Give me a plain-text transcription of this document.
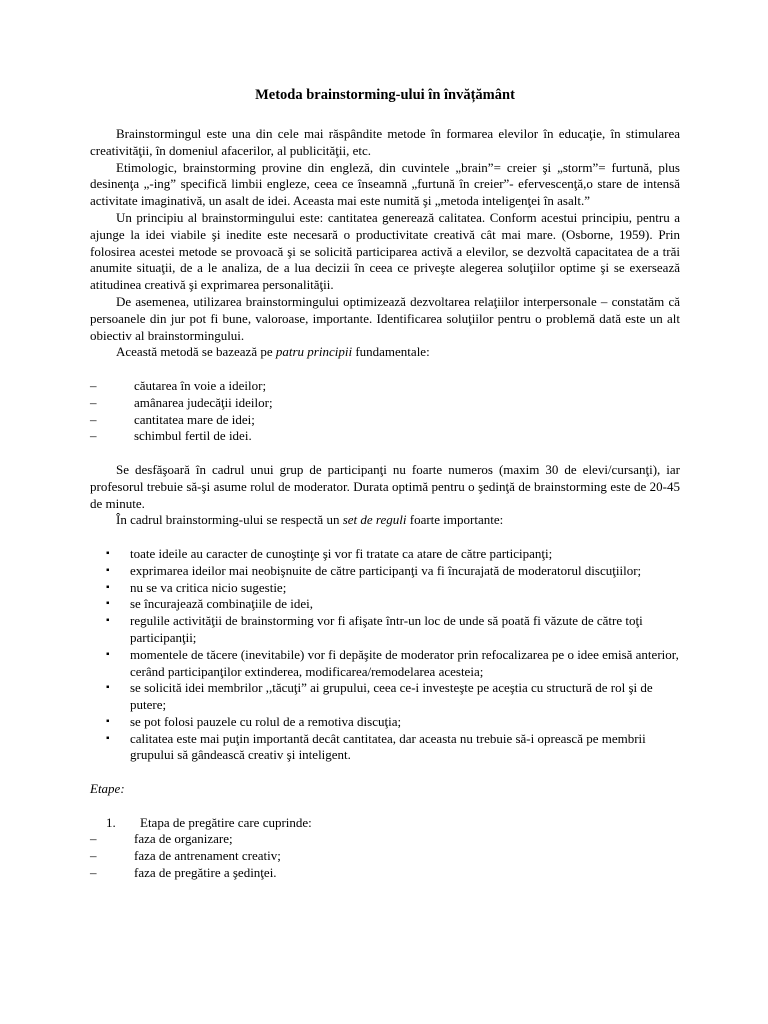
Metoda brainstorming-ului în învățământ

Brainstormingul este una din cele mai răspândite metode în formarea elevilor în educaţie, în stimularea creativităţii, în domeniul afacerilor, al publicităţii, etc.

Etimologic, brainstorming provine din engleză, din cuvintele „brain”= creier şi „storm”= furtună, plus desinenţa „-ing” specifică limbii engleze, ceea ce înseamnă „furtună în creier”- efervescenţă,o stare de intensă activitate imaginativă, un asalt de idei. Aceasta mai este numită şi „metoda inteligenţei în asalt.”

Un principiu al brainstormingului este: cantitatea generează calitatea. Conform acestui principiu, pentru a ajunge la idei viabile şi inedite este necesară o productivitate creativă cât mai mare. (Osborne, 1959). Prin folosirea acestei metode se provoacă şi se solicită participarea activă a elevilor, se dezvoltă capacitatea de a trăi anumite situaţii, de a le analiza, de a lua decizii în ceea ce priveşte alegerea soluţiilor optime şi se exersează atitudinea creativă şi exprimarea personalităţii.

De asemenea, utilizarea brainstormingului optimizează dezvoltarea relaţiilor interpersonale – constatăm că persoanele din jur pot fi bune, valoroase, importante. Identificarea soluţiilor pentru o problemă dată este un alt obiectiv al brainstormingului.

Această metodă se bazează pe patru principii fundamentale:

–	căutarea în voie a ideilor;
–	amânarea judecăţii ideilor;
–	cantitatea mare de idei;
–	schimbul fertil de idei.

Se desfăşoară în cadrul unui grup de participanţi nu foarte numeros (maxim 30 de elevi/cursanţi), iar profesorul trebuie să-şi asume rolul de moderator. Durata optimă pentru o şedinţă de brainstorming este de 20-45 de minute.

În cadrul brainstorming-ului se respectă un set de reguli foarte importante:

▪	toate ideile au caracter de cunoştinţe şi vor fi tratate ca atare de către participanţi;
▪	exprimarea ideilor mai neobişnuite de către participanţi va fi încurajată de moderatorul discuţiilor;
▪	nu se va critica nicio sugestie;
▪	se încurajează combinaţiile de idei,
▪	regulile activităţii de brainstorming vor fi afişate într-un loc de unde să poată fi văzute de către toţi participanţii;
▪	momentele de tăcere (inevitabile) vor fi depăşite de moderator prin refocalizarea pe o idee emisă anterior, cerând participanţilor extinderea, modificarea/remodelarea acesteia;
▪	se solicită idei membrilor ,,tăcuţi” ai grupului, ceea ce-i investeşte pe aceştia cu structură de rol şi de putere;
▪	se pot folosi pauzele cu rolul de a remotiva discuţia;
▪	calitatea este mai puţin importantă decât cantitatea, dar aceasta nu trebuie să-i oprească pe membrii grupului să gândească creativ şi inteligent.

Etape:

1.	Etapa de pregătire care cuprinde:
–	faza de organizare;
–	faza de antrenament creativ;
–	faza de pregătire a şedinţei.
